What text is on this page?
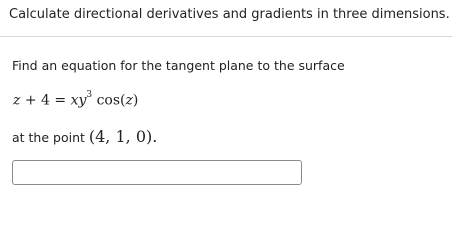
Calculate directional derivatives and gradients in three dimensions.
Find an equation for the tangent plane to the surface
$z + 4 = xy^3$ cos(z)
at the point (4, 1, 0).
